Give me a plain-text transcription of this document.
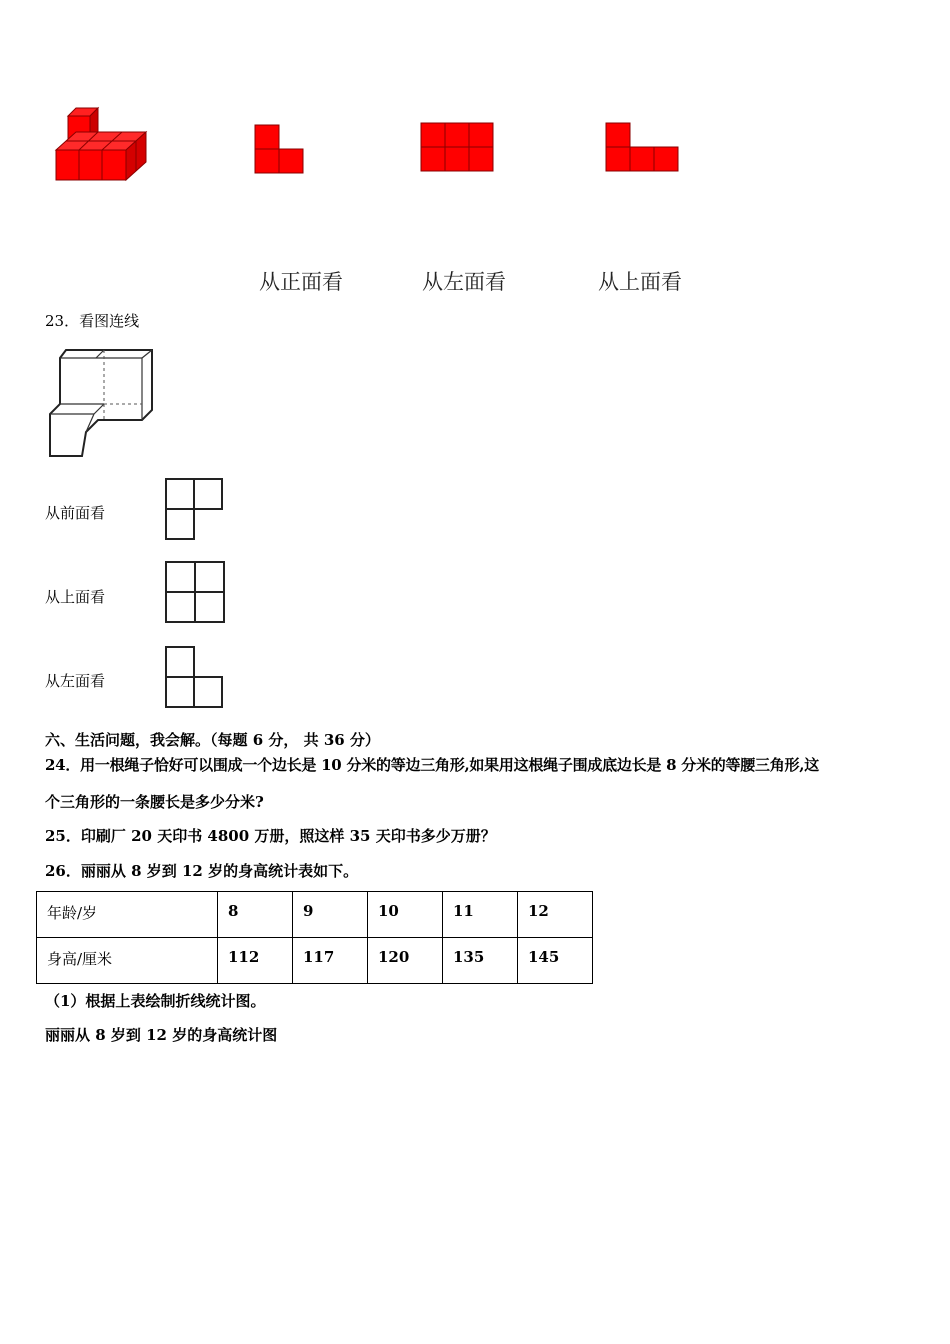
从正面看	从左面看	从上面看
23．看图连线
从前面看
从上面看
从左面看
六、生活问题，我会解。（每题 6 分， 共 36 分）
24．用一根绳子恰好可以围成一个边长是 10 分米的等边三角形,如果用这根绳子围成底边长是 8 分米的等腰三角形,这
个三角形的一条腰长是多少分米?
25．印刷厂 20 天印书 4800 万册，照这样 35 天印书多少万册？
26．丽丽从 8 岁到 12 岁的身高统计表如下。
年龄/岁	8	9	10	11	12
身高/厘米	112	117	120	135	145
（1）根据上表绘制折线统计图。
丽丽从 8 岁到 12 岁的身高统计图
